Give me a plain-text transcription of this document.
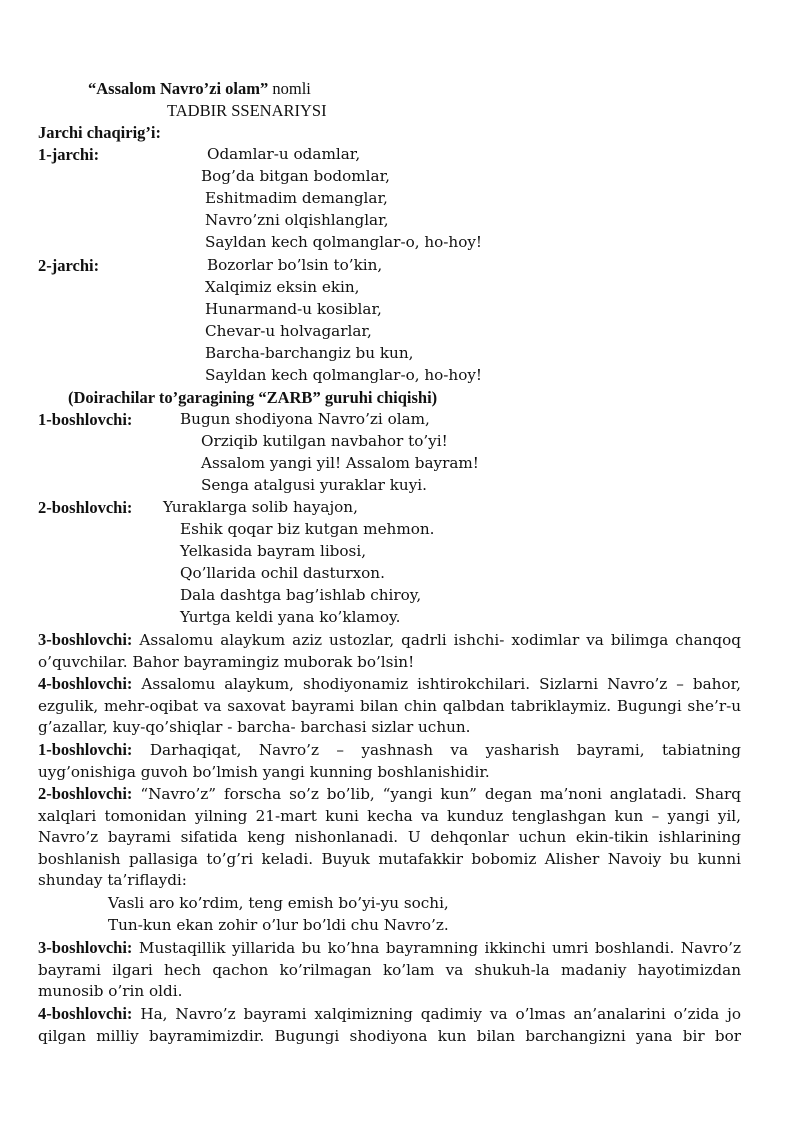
“Assalom Navro’zi olam” nomli
TADBIR SSENARIYSI
Jarchi chaqirig’i:
1-jarchi:	Odamlar-u odamlar,
Bog’da bitgan bodomlar,
Eshitmadim demanglar,
Navro’zni olqishlanglar,
Sayldan kech qolmanglar-o, ho-hoy!
2-jarchi:	Bozorlar bo’lsin to’kin,
Xalqimiz eksin ekin,
Hunarmand-u kosiblar,
Chevar-u holvagarlar,
Barcha-barchangiz bu kun,
Sayldan kech qolmanglar-o, ho-hoy!
(Doirachilar to’garagining “ZARB” guruhi chiqishi)
1-boshlovchi:	Bugun shodiyona Navro’zi olam,
Orziqib kutilgan navbahor to’yi!
Assalom yangi yil! Assalom bayram!
Senga atalgusi yuraklar kuyi.
2-boshlovchi: Yuraklarga solib hayajon,
Eshik qoqar biz kutgan mehmon.
Yelkasida bayram libosi,
Qo’llarida ochil dasturxon.
Dala dashtga bag’ishlab chiroy,
Yurtga keldi yana ko’klamoy.
3-boshlovchi: Assalomu alaykum aziz ustozlar, qadrli ishchi- xodimlar va bilimga chanqoq o’quvchilar. Bahor bayramingiz muborak bo’lsin!
4-boshlovchi: Assalomu alaykum, shodiyonamiz ishtirokchilari. Sizlarni Navro’z – bahor, ezgulik, mehr-oqibat va saxovat bayrami bilan chin qalbdan tabriklaymiz. Bugungi she’r-u g’azallar, kuy-qo’shiqlar - barcha- barchasi sizlar uchun.
1-boshlovchi: Darhaqiqat, Navro’z – yashnash va yasharish bayrami, tabiatning uyg’onishiga guvoh bo’lmish yangi kunning boshlanishidir.
2-boshlovchi: “Navro’z” forscha so’z bo’lib, “yangi kun” degan ma’noni anglatadi. Sharq xalqlari tomonidan yilning 21-mart kuni kecha va kunduz tenglashgan kun – yangi yil, Navro’z bayrami sifatida keng nishonlanadi. U dehqonlar uchun ekin-tikin ishlarining boshlanish pallasiga to’g’ri keladi. Buyuk mutafakkir bobomiz Alisher Navoiy bu kunni shunday ta’riflaydi:
Vasli aro ko’rdim, teng emish bo’yi-yu sochi,
Tun-kun ekan zohir o’lur bo’ldi chu Navro’z.
3-boshlovchi: Mustaqillik yillarida bu ko’hna bayramning ikkinchi umri boshlandi. Navro’z bayrami ilgari hech qachon ko’rilmagan ko’lam va shukuh-la madaniy hayotimizdan munosib o’rin oldi.
4-boshlovchi: Ha, Navro’z bayrami xalqimizning qadimiy va o’lmas an’analarini o’zida jo qilgan milliy bayramimizdir. Bugungi shodiyona kun bilan barchangizni yana bir bor
